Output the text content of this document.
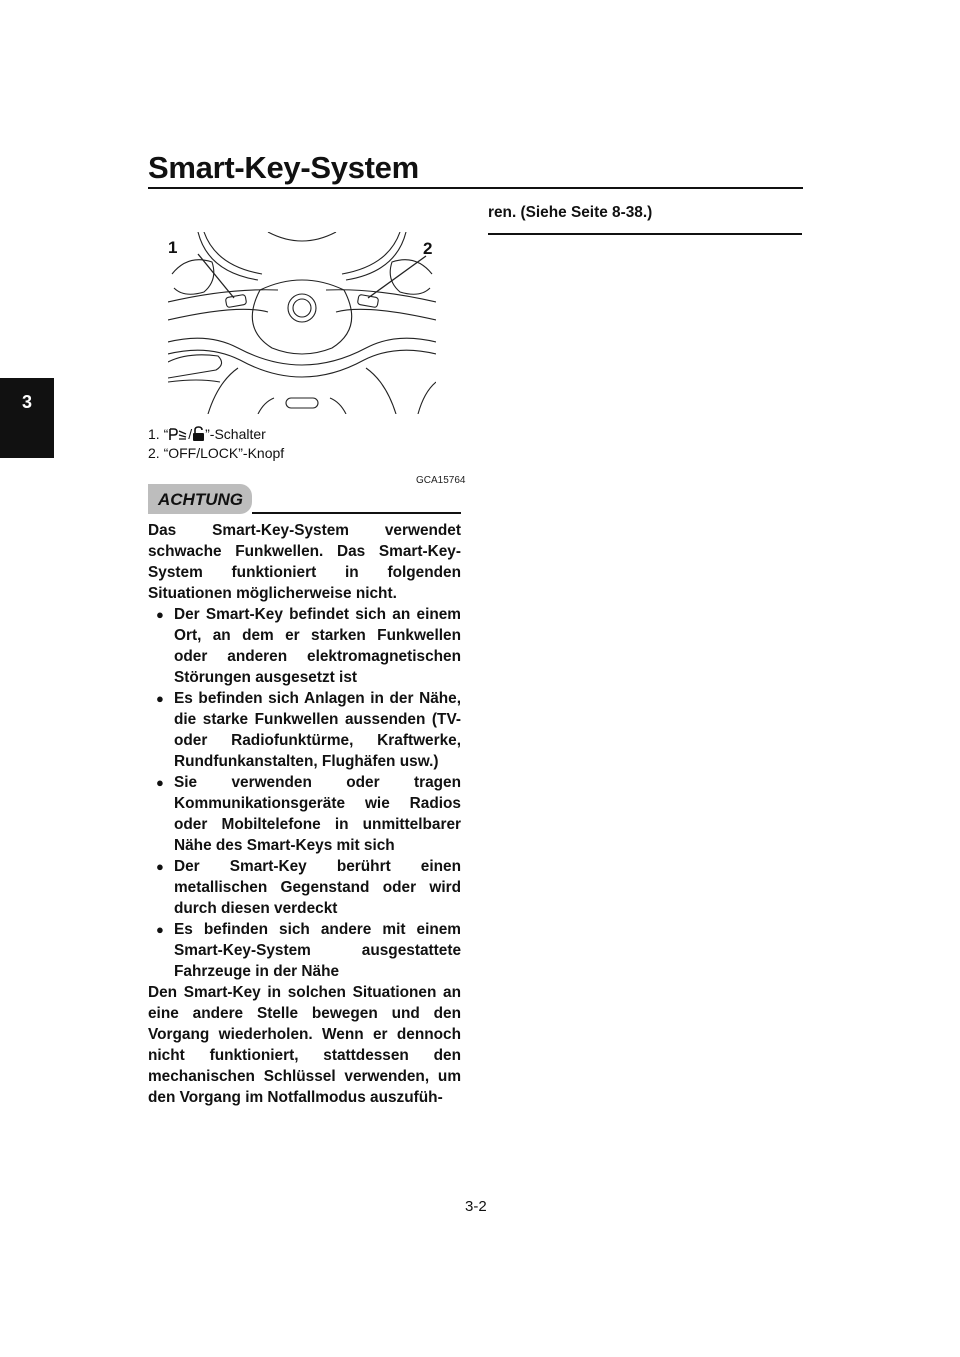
Smart-Key-System
3
1	2
1. “ / ”-Schalter
2. “OFF/LOCK”-Knopf
GCA15764
ACHTUNG

Das Smart-Key-System verwendet schwache Funkwellen. Das Smart-Key-System funktioniert in folgenden Situationen möglicherweise nicht.

● Der Smart-Key befindet sich an einem Ort, an dem er starken Funkwellen oder anderen elektromagnetischen Störungen ausgesetzt ist
● Es befinden sich Anlagen in der Nähe, die starke Funkwellen aussenden (TV- oder Radiofunktürme, Kraftwerke, Rundfunkanstalten, Flughäfen usw.)
● Sie verwenden oder tragen Kommunikationsgeräte wie Radios oder Mobiltelefone in unmittelbarer Nähe des Smart-Keys mit sich
● Der Smart-Key berührt einen metallischen Gegenstand oder wird durch diesen verdeckt
● Es befinden sich andere mit einem Smart-Key-System ausgestattete Fahrzeuge in der Nähe

Den Smart-Key in solchen Situationen an eine andere Stelle bewegen und den Vorgang wiederholen. Wenn er dennoch nicht funktioniert, stattdessen den mechanischen Schlüssel verwenden, um den Vorgang im Notfallmodus auszufüh-

ren. (Siehe Seite 8-38.)
3-2
